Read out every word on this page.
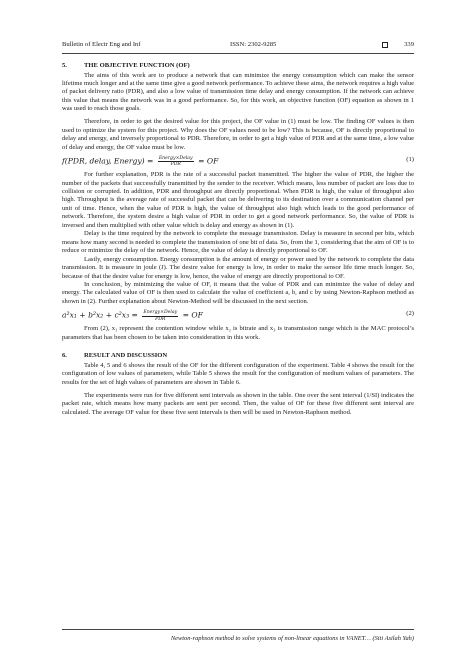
Bulletin of Electr Eng and Inf	ISSN: 2302-9285	339
5.	THE OBJECTIVE FUNCTION (OF)

The aims of this work are to produce a network that can minimize the energy consumption which can make the sensor lifetime much longer and at the same time give a good network performance. To achieve these aims, the network requires a high value of packet delivery ratio (PDR), and also a low value of transmission time delay and energy consumption. If the network can achieve this value that means the network was in a good performance. So, for this work, an objective function (OF) equation as shown in 1 was used to reach those goals.

Therefore, in order to get the desired value for this project, the OF value in (1) must be low. The finding OF values is then used to optimize the system for this project. Why does the OF values need to be low? This is because, OF is directly proportional to delay and energy, and inversely proportional to PDR. Therefore, in order to get a high value of PDR and at the same time, a low value of delay and energy, the OF value must be low.

f(PDR, delay, Energy) = $\frac{\text{Energy×Delay}}{\text{PDR}}$ = OF	(1)

For further explanation, PDR is the rate of a successful packet transmitted. The higher the value of PDR, the higher the number of the packets that successfully transmitted by the sender to the receiver. Which means, less number of packet are loss due to collision or corrupted. In addition, PDR and throughput are directly proportional. When PDR is high, the value of throughput also high. Throughput is the average rate of successful packet that can be delivering to its destination over a communication channel per unit of time. Hence, when the value of PDR is high, the value of throughput also high which leads to the good performance of network. Therefore, the system desire a high value of PDR in order to get a good network performance. So, the value of PDR is inversed and then multiplied with other value which is delay and energy as shown in (1).

Delay is the time required by the network to complete the message transmission. Delay is measure in second per bits, which means how many second is needed to complete the transmission of one bit of data. So, from the 1, considering that the aim of OF is to reduce or minimize the delay of the network. Hence, the value of delay is directly proportional to OF.

Lastly, energy consumption. Energy consumption is the amount of energy or power used by the network to complete the data transmission. It is measure in joule (J). The desire value for energy is low, in order to make the sensor life time much longer. So, because of that the desire value for energy is low, hence, the value of energy are directly proportional to OF.

In conclusion, by minimizing the value of OF, it means that the value of PDR and can minimize the value of delay and energy. The calculated value of OF is then used to calculate the value of coefficient a, b, and c by using Newton-Raphson method as shown in (2). Further explanation about Newton-Method will be discussed in the next section.

$a^2x_1 + b^2x_2 + c^2x_3 = \frac{\text{Energy×Delay}}{\text{PDR}}$ = OF	(2)

From (2), x₁ represent the contention window while x₂ is bitrate and x₃ is transmission range which is the MAC protocol’s parameters that has been chosen to be taken into consideration in this work.

6.	RESULT AND DISCUSSION

Table 4, 5 and 6 shows the result of the OF for the different configuration of the experiment. Table 4 shows the result for the configuration of low values of parameters, while Table 5 shows the result for the configuration of medium values of parameters. The results for the set of high values of parameters are shown in Table 6.

The experiments were run for five different sent intervals as shown in the table. One over the sent interval (1/SI) indicates the packet rate, which means how many packets are sent per second. Then, the value of OF for these five different sent interval are calculated. The average OF value for these five sent intervals is then will be used in Newton-Raphson method.

Newton-raphson method to solve systems of non-linear equations in VANET… (Siti Asilah Yah)
